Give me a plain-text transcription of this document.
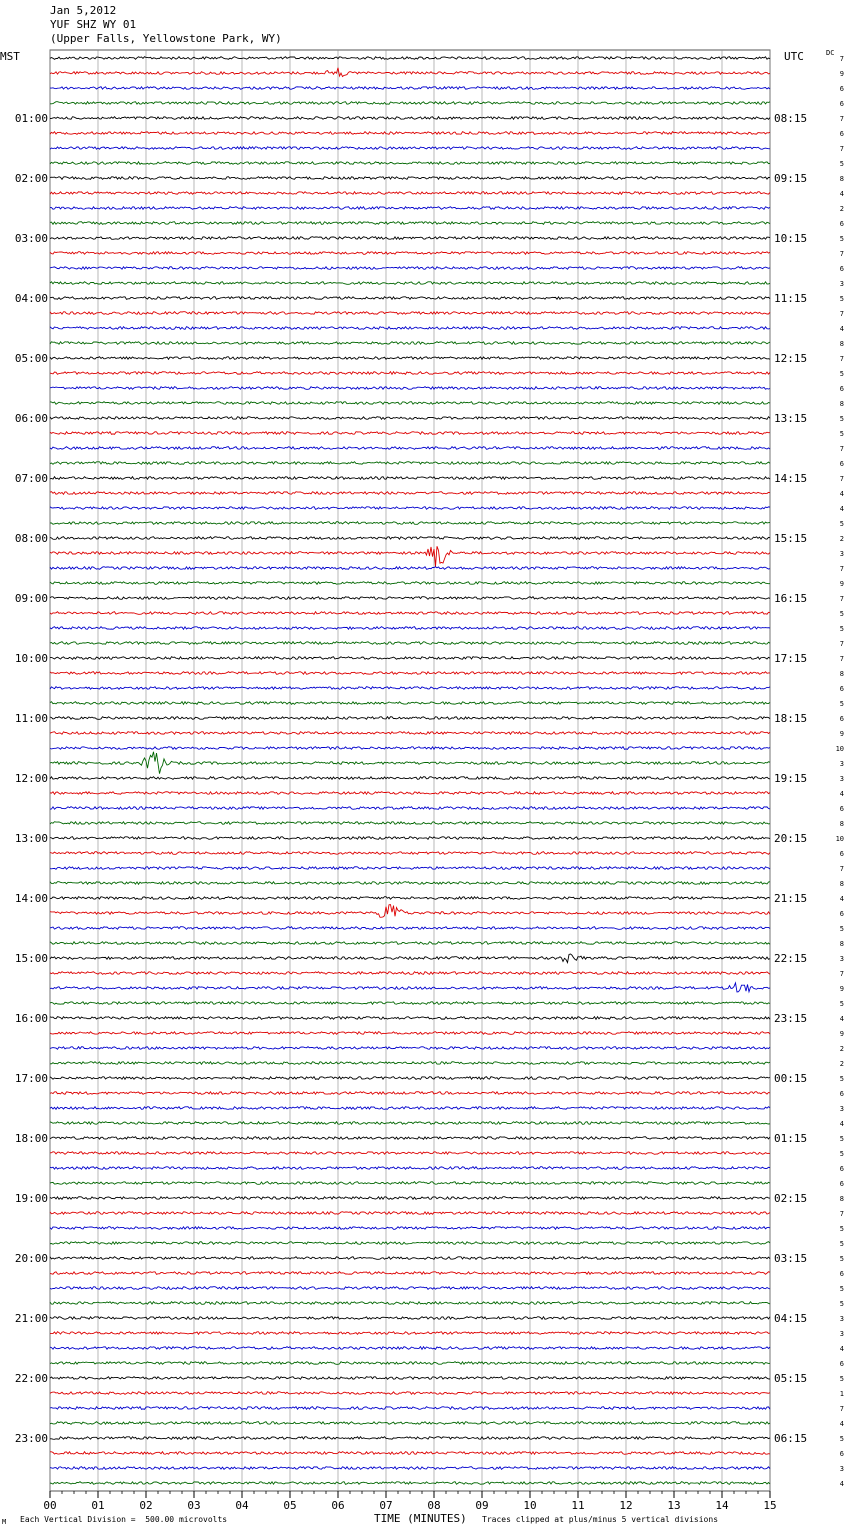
Jan 5,2012
YUF SHZ WY 01
(Upper Falls, Yellowstone Park, WY)
MST	UTC	DC
00	01	02	03	04	05	06	07	08	09	10	11	12	13	14	15
7
9
6
6
7
01:00	08:15
6
7
5
8
02:00	09:15
4
2
6
5
03:00	10:15
7
6
3
5
04:00	11:15
7
4
8
7
05:00	12:15
5
6
8
5
06:00	13:15
5
7
6
7
07:00	14:15
4
4
5
2
08:00	15:15
3
7
9
7
09:00	16:15
5
5
7
7
10:00	17:15
8
6
5
6
11:00	18:15
9
10
3
3
12:00	19:15
4
6
8
10
13:00	20:15
6
7
8
4
14:00	21:15
6
5
8
3
15:00	22:15
7
9
5
4
16:00	23:15
9
2
2
5
17:00	00:15
6
3
4
5
18:00	01:15
5
6
6
8
19:00	02:15
7
5
5
5
20:00	03:15
6
5
5
3
21:00	04:15
3
4
6
5
22:00	05:15
1
7
4
5
23:00	06:15
6
3
4
M Each Vertical Division =  500.00 microvolts	TIME (MINUTES) Traces clipped at plus/minus 5 vertical divisions
